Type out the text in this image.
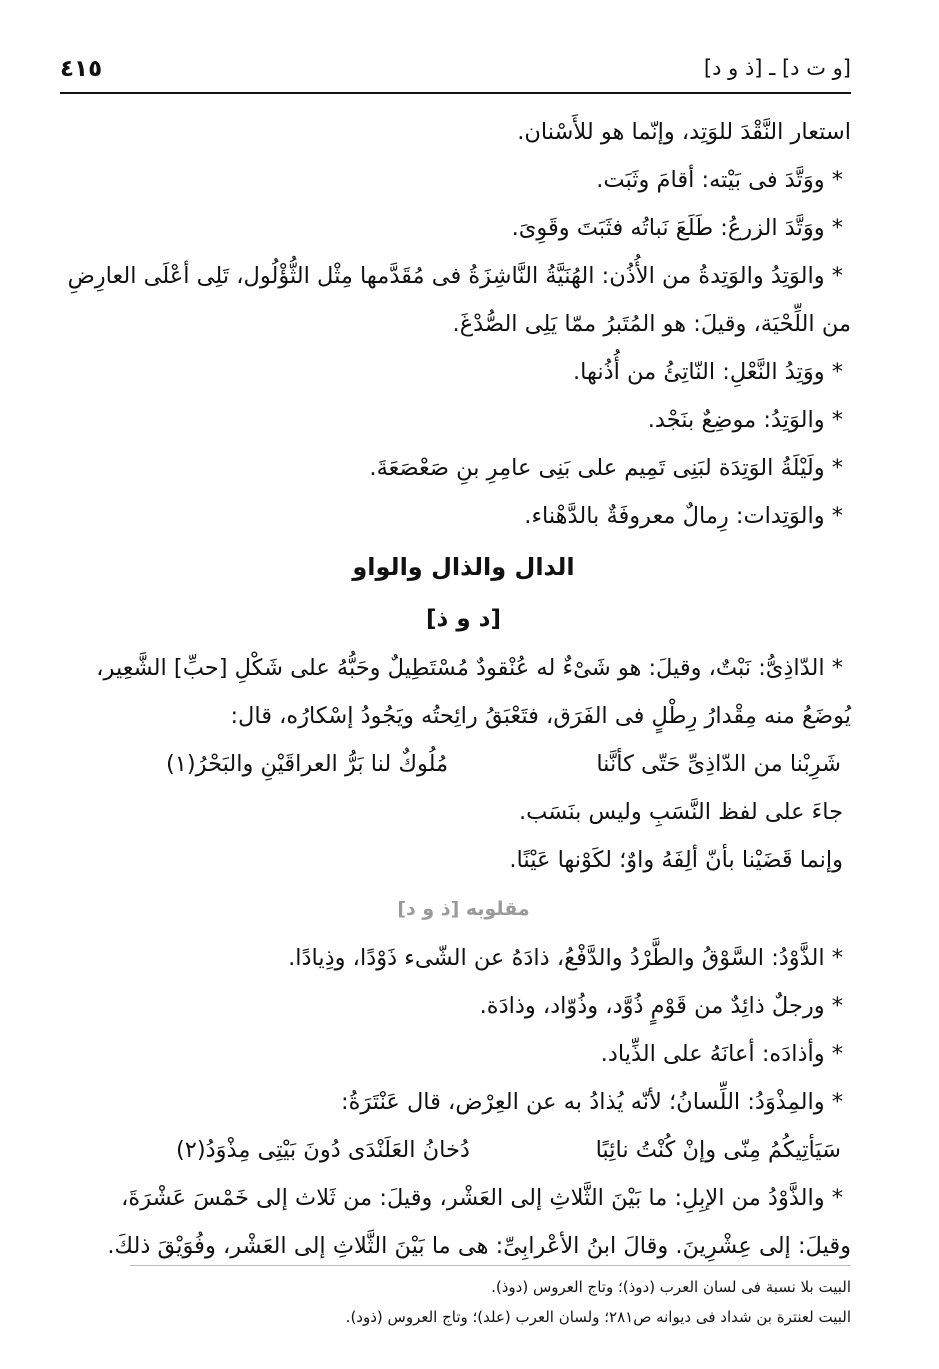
[و ت د] ـ [ذ و د]
٤١٥
استعار النَّقْدَ للوَتِد، وإنّما هو للأَسْنان.
* ووَتَّدَ فى بَيْته: أقامَ وثَبَت.
* ووَتَّدَ الزرعُ: طَلَعَ نَباتُه فثَبَتَ وقَوِىَ.
* والوَتِدُ والوَتِدةُ من الأُذُن: الهُنَيَّةُ النَّاشِزَةُ فى مُقَدَّمها مِثْل الثُّؤْلُول، تَلِى أعْلَى العارِضِ
من اللِّحْيَة، وقيلَ: هو المُتَبرُ ممّا يَلِى الصُّدْغَ.
* ووَتِدُ النَّعْلِ: النّاتِئُ من أُذُنها.
* والوَتِدُ: موضِعٌ بنَجْد.
* ولَيْلَةُ الوَتِدَة لبَنِى تَمِيم على بَنِى عامِرِ بنِ صَعْصَعَةَ.
* والوَتِدات: رِمالٌ معروفَةٌ بالدَّهْناء.
الدال والذال والواو
[د و ذ]
* الدّاذِىُّ: نَبْتٌ، وقيلَ: هو شَىْءٌ له عُنْقودٌ مُسْتَطِيلٌ وحَبُّهُ على شَكْلِ [حبِّ] الشَّعِير،
يُوضَعُ منه مِقْدارُ رِطْلٍ فى الفَرَق، فتَعْبَقُ رائِحتُه ويَجُودُ إسْكارُه، قال:
شَرِبْنا من الدّاذِىِّ حَتّى كأنَّنا
مُلُوكٌ لنا بَرُّ العراقَيْنِ والبَحْرُ(١)
جاءَ على لفظ النَّسَبِ وليس بنَسَب.
وإنما قَضَيْنا بأنّ ألِفَهُ واوٌ؛ لكَوْنها عَيْنًا.
مقلوبه [ذ و د]
* الذَّوْدُ: السَّوْقُ والطَّرْدُ والدَّفْعُ، ذادَهُ عن الشّىء ذَوْدًا، وذِيادًا.
* ورجلٌ ذائِدٌ من قَوْمٍ ذُوَّد، وذُوّاد، وذادَة.
* وأذادَه: أعانَهُ على الذِّياد.
* والمِذْوَدُ: اللِّسانُ؛ لأنّه يُذادُ به عن العِرْض، قال عَنْتَرَةُ:
سَيَأتِيكُمُ مِنّى وإنْ كُنْتُ نائِبًا
دُخانُ العَلَنْدَى دُونَ بَيْتِى مِذْوَدُ(٢)
* والذَّوْدُ من الإبِلِ: ما بَيْنَ الثَّلاثِ إلى العَشْر، وقيلَ: من ثَلاث إلى خَمْسَ عَشْرَةَ،
وقيلَ: إلى عِشْرِينَ. وقالَ ابنُ الأعْرابِىِّ: هى ما بَيْنَ الثَّلاثِ إلى العَشْر، وفُوَيْقَ ذلكَ.
البيت بلا نسبة فى لسان العرب (دوذ)؛ وتاج العروس (دوذ).
البيت لعنترة بن شداد فى ديوانه ص٢٨١؛ ولسان العرب (علد)؛ وتاج العروس (ذود).
